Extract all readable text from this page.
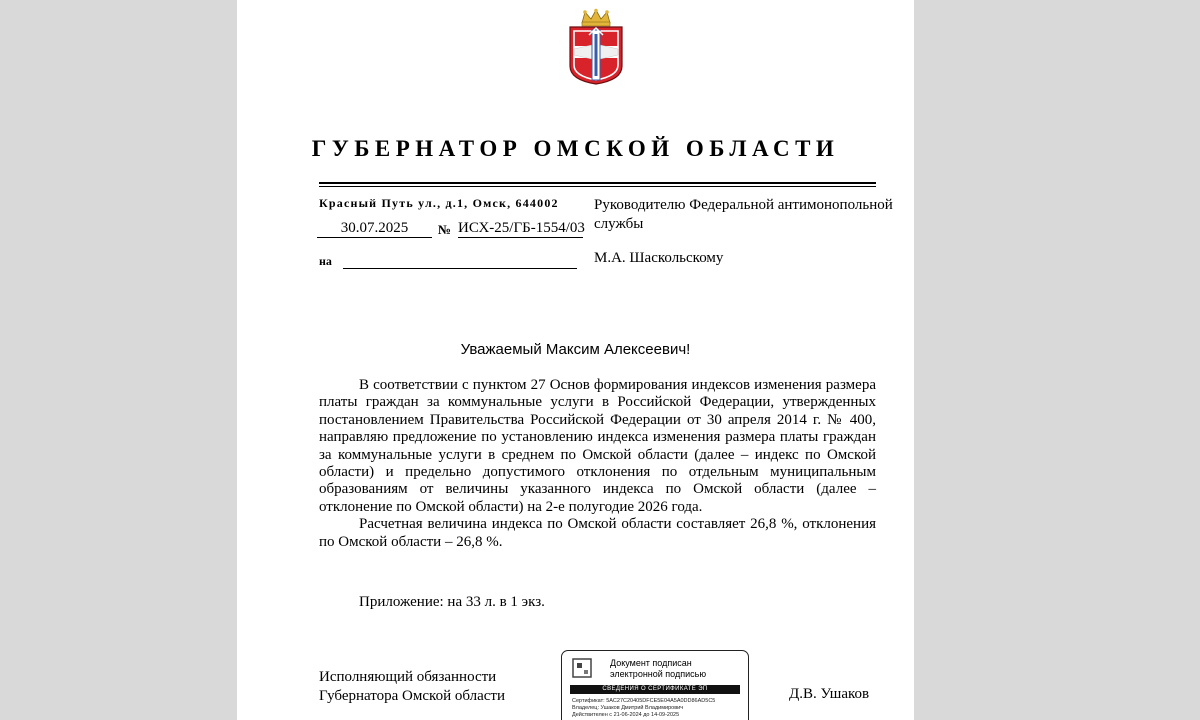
ГУБЕРНАТОР ОМСКОЙ ОБЛАСТИ
Красный Путь ул., д.1, Омск, 644002
30.07.2025	№ ИСХ-25/ГБ-1554/03
на
Руководителю Федеральной антимонопольной службы
М.А. Шаскольскому
Уважаемый Максим Алексеевич!

В соответствии с пунктом 27 Основ формирования индексов изменения размера платы граждан за коммунальные услуги в Российской Федерации, утвержденных постановлением Правительства Российской Федерации от 30 апреля 2014 г. № 400, направляю предложение по установлению индекса изменения размера платы граждан за коммунальные услуги в среднем по Омской области (далее – индекс по Омской области) и предельно допустимого отклонения по отдельным муниципальным образованиям от величины указанного индекса по Омской области (далее – отклонение по Омской области) на 2-е полугодие 2026 года.

Расчетная величина индекса по Омской области составляет 26,8 %, отклонения по Омской области – 26,8 %.

Приложение: на 33 л. в 1 экз.
Исполняющий обязанности
Губернатора Омской области
Документ подписан
электронной подписью
СВЕДЕНИЯ О СЕРТИФИКАТЕ ЭП
Сертификат: 5AC27C20405DFCE5E04A5A0DD86AD5C5
Владелец: Ушаков Дмитрий Владимирович
Действителен с 21-06-2024 до 14-09-2025
Д.В. Ушаков
